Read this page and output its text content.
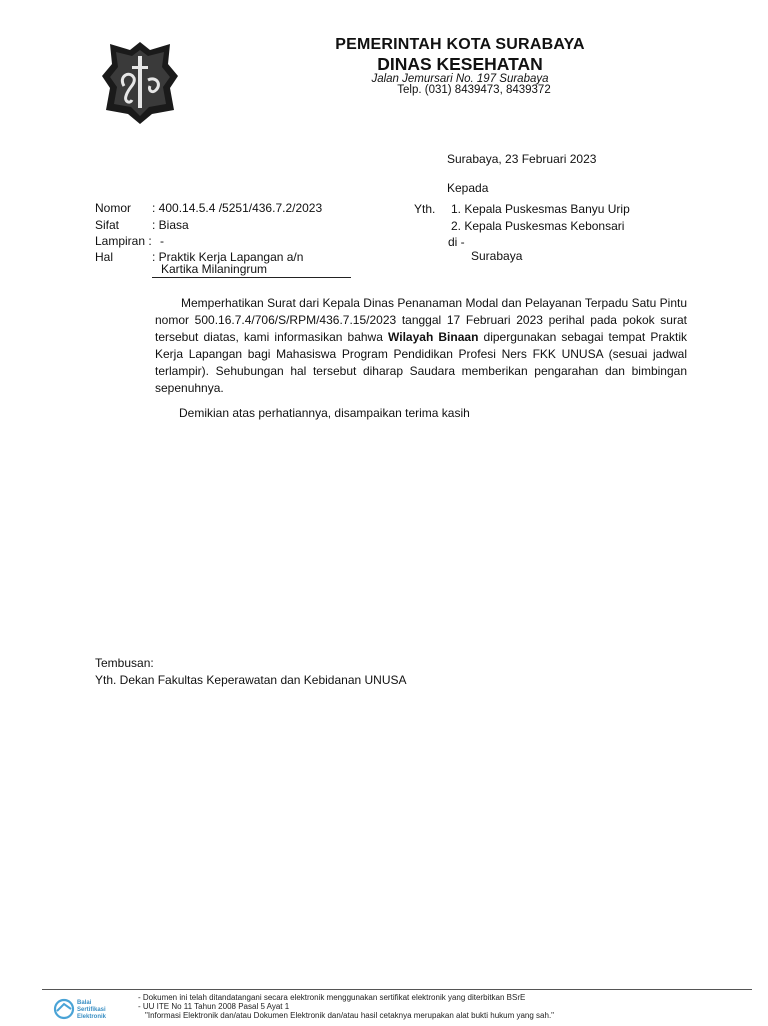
PEMERINTAH KOTA SURABAYA
DINAS KESEHATAN
Jalan Jemursari No. 197 Surabaya
Telp. (031) 8439473, 8439372
Surabaya, 23 Februari 2023
Kepada
Nomor : 400.14.5.4 /5251/436.7.2/2023
Sifat	: Biasa
Lampiran : -
Hal	: Praktik Kerja Lapangan a/n
Kartika Milaningrum
Yth. 1. Kepala Puskesmas Banyu Urip
2. Kepala Puskesmas Kebonsari
di -
Surabaya
Memperhatikan Surat dari Kepala Dinas Penanaman Modal dan Pelayanan Terpadu Satu Pintu nomor 500.16.7.4/706/S/RPM/436.7.15/2023 tanggal 17 Februari 2023 perihal pada pokok surat tersebut diatas, kami informasikan bahwa Wilayah Binaan dipergunakan sebagai tempat Praktik Kerja Lapangan bagi Mahasiswa Program Pendidikan Profesi Ners FKK UNUSA (sesuai jadwal terlampir). Sehubungan hal tersebut diharap Saudara memberikan pengarahan dan bimbingan sepenuhnya.
Demikian atas perhatiannya, disampaikan terima kasih
Tembusan:
Yth. Dekan Fakultas Keperawatan dan Kebidanan UNUSA
Balai
Sertifikasi
Elektronik
- Dokumen ini telah ditandatangani secara elektronik menggunakan sertifikat elektronik yang diterbitkan BSrE
- UU ITE No 11 Tahun 2008 Pasal 5 Ayat 1
"Informasi Elektronik dan/atau Dokumen Elektronik dan/atau hasil cetaknya merupakan alat bukti hukum yang sah."
